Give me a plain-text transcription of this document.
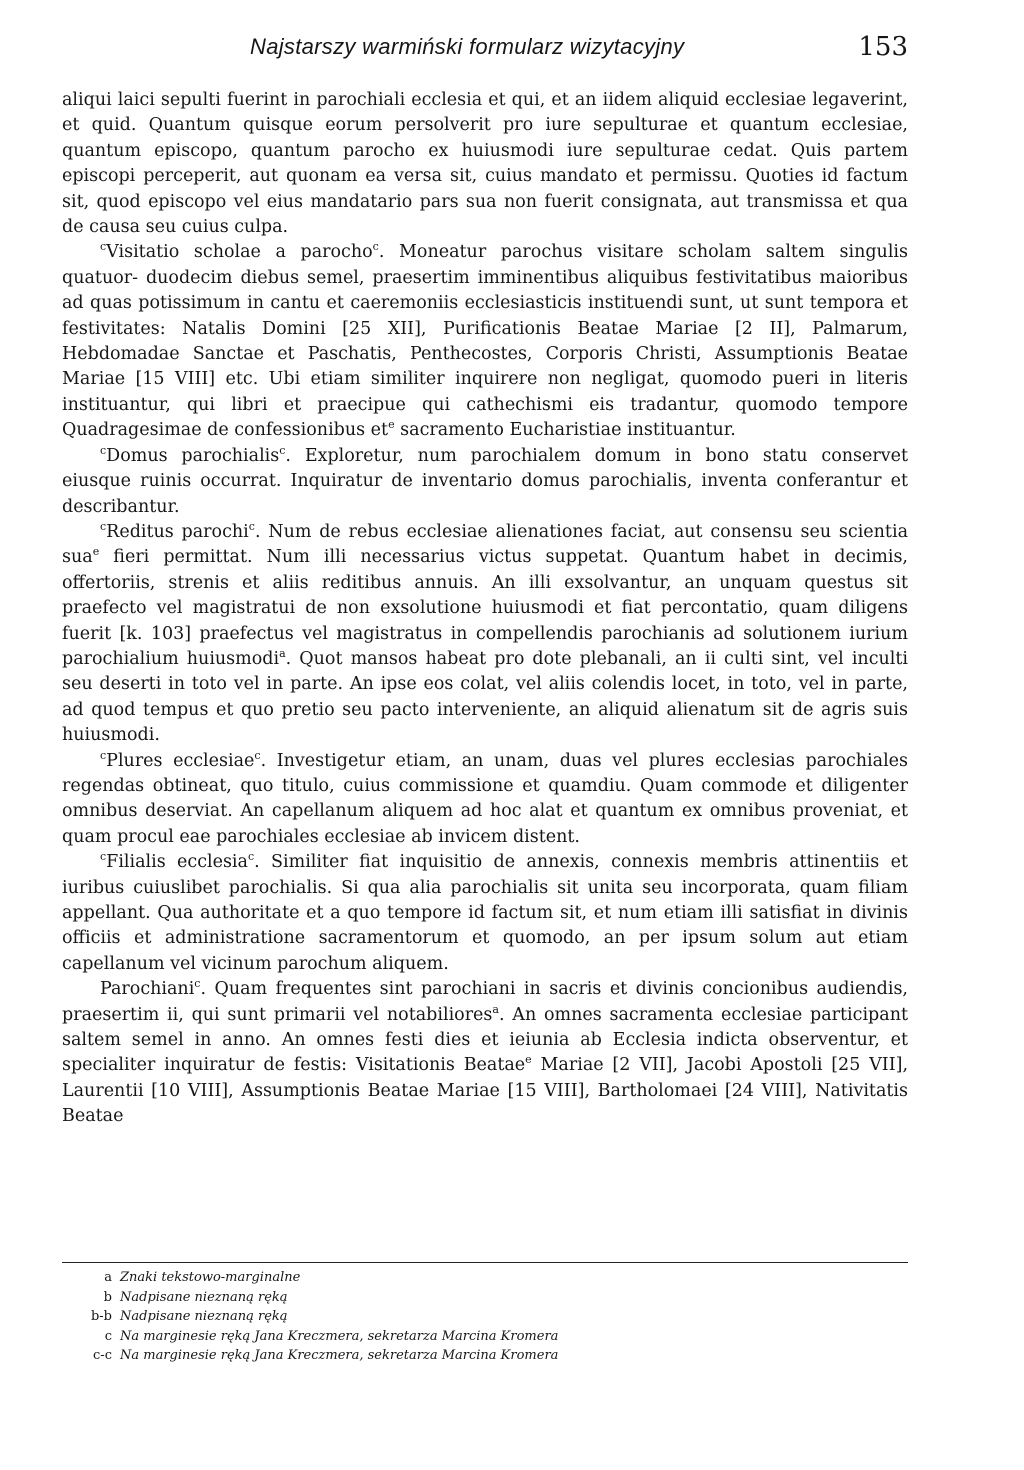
Najstarszy warmiński formularz wizytacyjny	153

aliqui laici sepulti fuerint in parochiali ecclesia et qui, et an iidem aliquid ecclesiae legaverint, et quid. Quantum quisque eorum persolverit pro iure sepulturae et quantum ecclesiae, quantum episcopo, quantum parocho ex huiusmodi iure sepulturae cedat. Quis partem episcopi perceperit, aut quonam ea versa sit, cuius mandato et permissu. Quoties id factum sit, quod episcopo vel eius mandatario pars sua non fuerit consignata, aut transmissa et qua de causa seu cuius culpa.

$^c$Visitatio scholae a parocho$^c$. Moneatur parochus visitare scholam saltem singulis quatuor- duodecim diebus semel, praesertim imminentibus aliquibus festivitatibus maioribus ad quas potissimum in cantu et caeremoniis ecclesiasticis instituendi sunt, ut sunt tempora et festivitates: Natalis Domini [25 XII], Purificationis Beatae Mariae [2 II], Palmarum, Hebdomadae Sanctae et Paschatis, Penthecostes, Corporis Christi, Assumptionis Beatae Mariae [15 VIII] etc. Ubi etiam similiter inquirere non negligat, quomodo pueri in literis instituantur, qui libri et praecipue qui cathechismi eis tradantur, quomodo tempore Quadragesimae de confessionibus $et^e$ sacramento Eucharistiae instituantur.

$^c$Domus parochialis$^c$. Exploretur, num parochialem domum in bono statu conservet eiusque ruinis occurrat. Inquiratur de inventario domus parochialis, inventa conferantur et describantur.

$^c$Reditus parochi$^c$. Num de rebus ecclesiae alienationes faciat, aut consensu seu scientia sua$^e$ fieri permittat. Num illi necessarius victus suppetat. Quantum habet in decimis, offertoriis, strenis et aliis reditibus annuis. An illi exsolvantur, an unquam questus sit praefecto vel magistratui de non exsolutione huiusmodi et fiat percontatio, quam diligens fuerit [k. 103] praefectus vel magistratus in compellendis parochianis ad solutionem iurium parochialium huiusmodi$^a$. Quot mansos habeat pro dote plebanali, an ii culti sint, vel inculti seu deserti in toto vel in parte. An ipse eos colat, vel aliis colendis locet, in toto, vel in parte, ad quod tempus et quo pretio seu pacto interveniente, an aliquid alienatum sit de agris suis huiusmodi.

$^c$Plures ecclesiae$^c$. Investigetur etiam, an unam, duas vel plures ecclesias parochiales regendas obtineat, quo titulo, cuius commissione et quamdiu. Quam commode et diligenter omnibus deserviat. An capellanum aliquem ad hoc alat et quantum ex omnibus proveniat, et quam procul eae parochiales ecclesiae ab invicem distent.

$^c$Filialis ecclesia$^c$. Similiter fiat inquisitio de annexis, connexis membris attinentiis et iuribus cuiuslibet parochialis. Si qua alia parochialis sit unita seu incorporata, quam filiam appellant. Qua authoritate et a quo tempore id factum sit, et num etiam illi satisfiat in divinis officiis et administratione sacramentorum et quomodo, an per ipsum solum aut etiam capellanum vel vicinum parochum aliquem.

Parochiani$^c$. Quam frequentes sint parochiani in sacris et divinis concionibus audiendis, praesertim ii, qui sunt primarii vel notabiliores$^a$. An omnes sacramenta ecclesiae participant saltem semel in anno. An omnes festi dies et ieiunia ab Ecclesia indicta observentur, et specialiter inquiratur de festis: Visitationis Beatae$^e$ Mariae [2 VII], Jacobi Apostoli [25 VII], Laurentii [10 VIII], Assumptionis Beatae Mariae [15 VIII], Bartholomaei [24 VIII], Nativitatis Beatae

a Znaki tekstowo-marginalne
b Nadpisane nieznaną ręką
b-b Nadpisane nieznaną ręką
c Na marginesie ręką Jana Kreczmera, sekretarza Marcina Kromera
c-c Na marginesie ręką Jana Kreczmera, sekretarza Marcina Kromera
